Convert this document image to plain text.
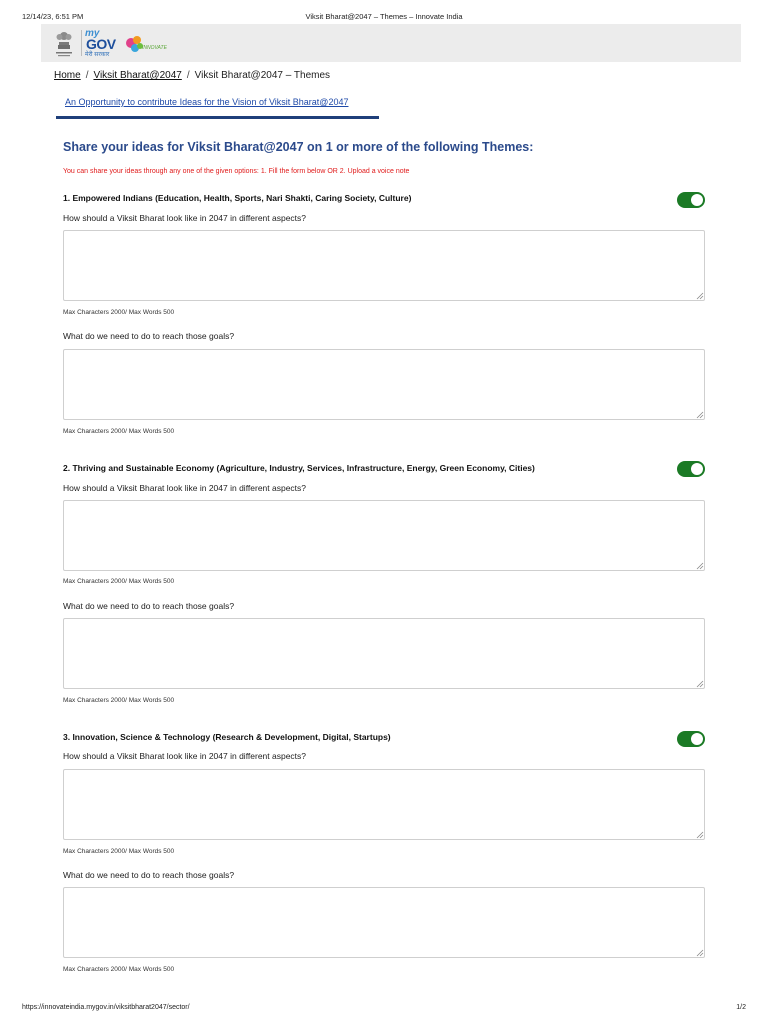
12/14/23, 6:51 PM	Viksit Bharat@2047 – Themes – Innovate India
my
GOV
मेरी सरकार
INNOVATE
Home / Viksit Bharat@2047 / Viksit Bharat@2047 – Themes
An Opportunity to contribute Ideas for the Vision of Viksit Bharat@2047
Share your ideas for Viksit Bharat@2047 on 1 or more of the following Themes:
You can share your ideas through any one of the given options: 1. Fill the form below OR 2. Upload a voice note
1. Empowered Indians (Education, Health, Sports, Nari Shakti, Caring Society, Culture)
How should a Viksit Bharat look like in 2047 in different aspects?
Max Characters 2000/ Max Words 500
What do we need to do to reach those goals?
Max Characters 2000/ Max Words 500
2. Thriving and Sustainable Economy (Agriculture, Industry, Services, Infrastructure, Energy, Green Economy, Cities)
How should a Viksit Bharat look like in 2047 in different aspects?
Max Characters 2000/ Max Words 500
What do we need to do to reach those goals?
Max Characters 2000/ Max Words 500
3. Innovation, Science & Technology (Research & Development, Digital, Startups)
How should a Viksit Bharat look like in 2047 in different aspects?
Max Characters 2000/ Max Words 500
What do we need to do to reach those goals?
Max Characters 2000/ Max Words 500
https://innovateindia.mygov.in/viksitbharat2047/sector/	1/2
